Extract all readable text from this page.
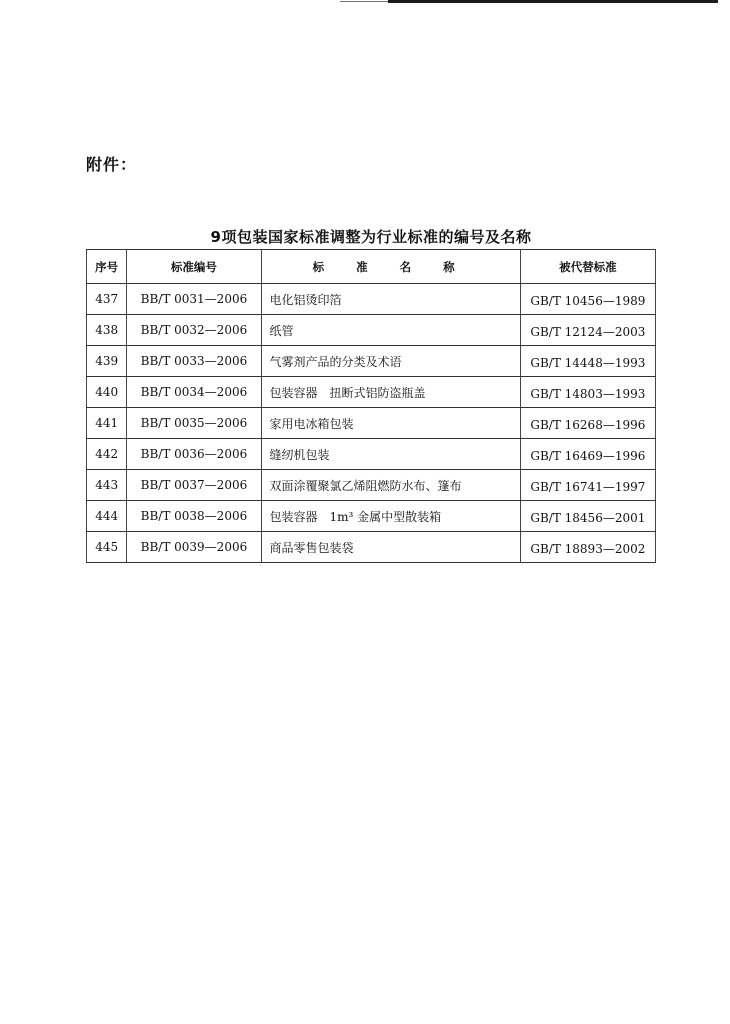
附件：
9项包装国家标准调整为行业标准的编号及名称
序号	标准编号	标 准 名 称	被代替标准
437	BB/T 0031—2006	电化铝烫印箔	GB/T 10456—1989
438	BB/T 0032—2006	纸管	GB/T 12124—2003
439	BB/T 0033—2006	气雾剂产品的分类及术语	GB/T 14448—1993
440	BB/T 0034—2006	包装容器　扭断式铝防盗瓶盖	GB/T 14803—1993
441	BB/T 0035—2006	家用电冰箱包装	GB/T 16268—1996
442	BB/T 0036—2006	缝纫机包装	GB/T 16469—1996
443	BB/T 0037—2006	双面涂覆聚氯乙烯阻燃防水布、篷布	GB/T 16741—1997
444	BB/T 0038—2006	包装容器　1m³ 金属中型散装箱	GB/T 18456—2001
445	BB/T 0039—2006	商品零售包装袋	GB/T 18893—2002
